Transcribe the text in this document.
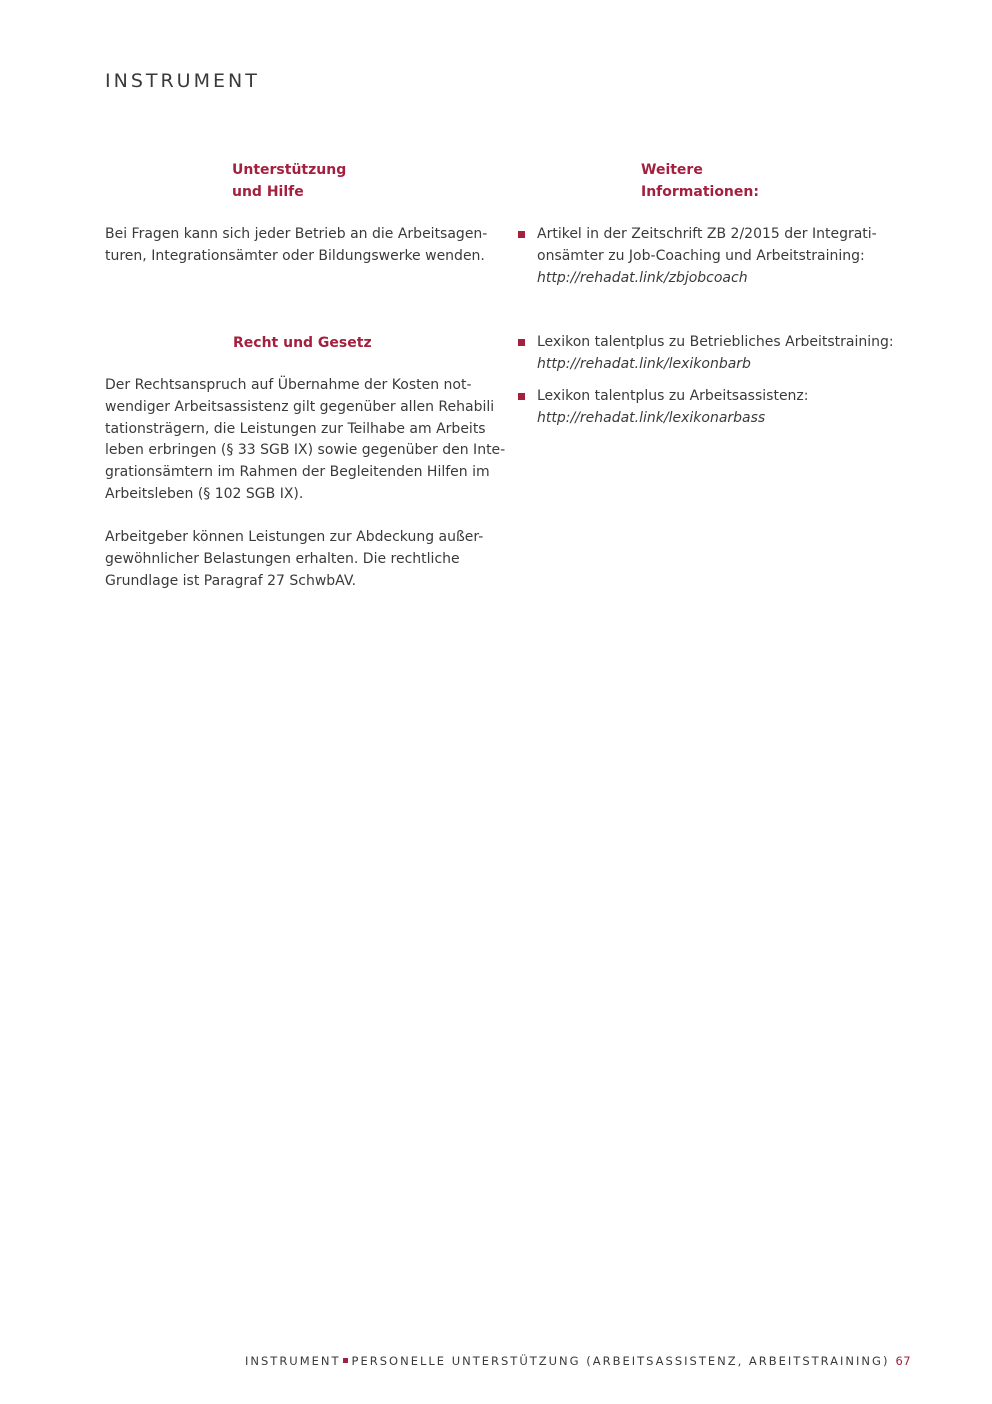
INSTRUMENT
Unterstützung
und Hilfe
Bei Fragen kann sich jeder Betrieb an die Arbeitsagen-
turen, Integrationsämter oder Bildungswerke wenden.
Recht und Gesetz
Der Rechtsanspruch auf Übernahme der Kosten not-
wendiger Arbeitsassistenz gilt gegenüber allen Rehabili
tationsträgern, die Leistungen zur Teilhabe am Arbeits
leben erbringen (§ 33 SGB IX) sowie gegenüber den Inte-
grationsämtern im Rahmen der Begleitenden Hilfen im
Arbeitsleben (§ 102 SGB IX).
Arbeitgeber können Leistungen zur Abdeckung außer-
gewöhnlicher Belastungen erhalten. Die rechtliche
Grundlage ist Paragraf 27 SchwbAV.
Weitere
Informationen:
Artikel in der Zeitschrift ZB 2/2015 der Integrati-
onsämter zu Job-Coaching und Arbeitstraining:
http://rehadat.link/zbjobcoach
Lexikon talentplus zu Betriebliches Arbeitstraining:
http://rehadat.link/lexikonbarb
Lexikon talentplus zu Arbeitsassistenz:
http://rehadat.link/lexikonarbass
INSTRUMENT PERSONELLE UNTERSTÜTZUNG (ARBEITSASSISTENZ, ARBEITSTRAINING) 67
